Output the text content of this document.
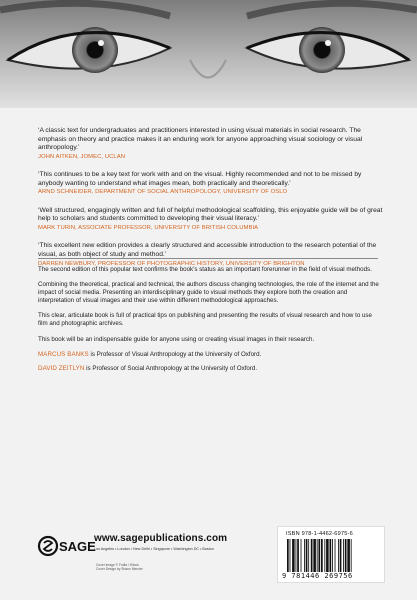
‘A classic text for undergraduates and practitioners interested in using visual materials in social research. The emphasis on theory and practice makes it an enduring work for anyone approaching visual sociology or visual anthropology.’

JOHN AITKEN, JOMEC, UCLAN

‘This continues to be a key text for work with and on the visual. Highly recommended and not to be missed by anybody wanting to understand what images mean, both practically and theoretically.’

ARND SCHNEIDER, DEPARTMENT OF SOCIAL ANTHROPOLOGY, UNIVERSITY OF OSLO

‘Well structured, engagingly written and full of helpful methodological scaffolding, this enjoyable guide will be of great help to scholars and students committed to developing their visual literacy.’

MARK TURIN, ASSOCIATE PROFESSOR, UNIVERSITY OF BRITISH COLUMBIA

‘This excellent new edition provides a clearly structured and accessible introduction to the research potential of the visual, as both object of study and method.’

DARREN NEWBURY, PROFESSOR OF PHOTOGRAPHIC HISTORY, UNIVERSITY OF BRIGHTON

The second edition of this popular text confirms the book’s status as an important forerunner in the field of visual methods.

Combining the theoretical, practical and technical, the authors discuss changing technologies, the role of the internet and the impact of social media. Presenting an interdisciplinary guide to visual methods they explore both the creation and interpretation of visual images and their use within different methodological approaches.

This clear, articulate book is full of practical tips on publishing and presenting the results of visual research and how to use film and photographic archives.

This book will be an indispensable guide for anyone using or creating visual images in their research.

MARCUS BANKS is Professor of Visual Anthropology at the University of Oxford.

DAVID ZEITLYN is Professor of Social Anthropology at the University of Oxford.

SAGE
www.sagepublications.com
Los Angeles • London • New Delhi • Singapore • Washington DC • Boston
Cover image © Fotlia / iStock
Cover Design by Shaun Mercier
ISBN 978-1-4462-6975-6
9 781446 269756
